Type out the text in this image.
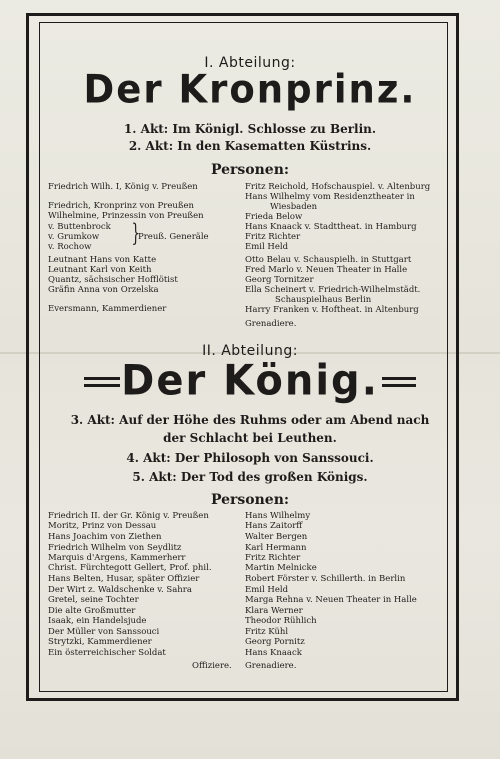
I. Abteilung:
Der Kronprinz.
1. Akt: Im Königl. Schlosse zu Berlin.
2. Akt: In den Kasematten Küstrins.
Personen:
Friedrich Wilh. I, König v. Preußen
Friedrich, Kronprinz von Preußen
Wilhelmine, Prinzessin von Preußen
v. Buttenbrock
v. Grumkow
v. Rochow
Leutnant Hans von Katte
Leutnant Karl von Keith
Quantz, sächsischer Hofflötist
Gräfin Anna von Orzelska
Eversmann, Kammerdiener
}
Preuß. Generäle
Fritz Reichold, Hofschauspiel. v. Altenburg
Hans Wilhelmy vom Residenztheater in
Wiesbaden
Frieda Below
Hans Knaack v. Stadttheat. in Hamburg
Fritz Richter
Emil Held
Otto Belau v. Schauspielh. in Stuttgart
Fred Marlo v. Neuen Theater in Halle
Georg Tornitzer
Ella Scheinert v. Friedrich-Wilhelmstädt.
Schauspielhaus Berlin
Harry Franken v. Hoftheat. in Altenburg
Grenadiere.
II. Abteilung:
Der König.
3. Akt: Auf der Höhe des Ruhms oder am Abend nach
der Schlacht bei Leuthen.
4. Akt: Der Philosoph von Sanssouci.
5. Akt: Der Tod des großen Königs.
Personen:
Friedrich II. der Gr. König v. Preußen
Moritz, Prinz von Dessau
Hans Joachim von Ziethen
Friedrich Wilhelm von Seydlitz
Marquis d'Argens, Kammerherr
Christ. Fürchtegott Gellert, Prof. phil.
Hans Belten, Husar, später Offizier
Der Wirt z. Waldschenke v. Sahra
Gretel, seine Tochter
Die alte Großmutter
Isaak, ein Handelsjude
Der Müller von Sanssouci
Strytzki, Kammerdiener
Ein österreichischer Soldat
Hans Wilhelmy
Hans Zaitorff
Walter Bergen
Karl Hermann
Fritz Richter
Martin Melnicke
Robert Förster v. Schillerth. in Berlin
Emil Held
Marga Rehna v. Neuen Theater in Halle
Klara Werner
Theodor Rühlich
Fritz Kühl
Georg Pornitz
Hans Knaack
Offiziere. Grenadiere.
